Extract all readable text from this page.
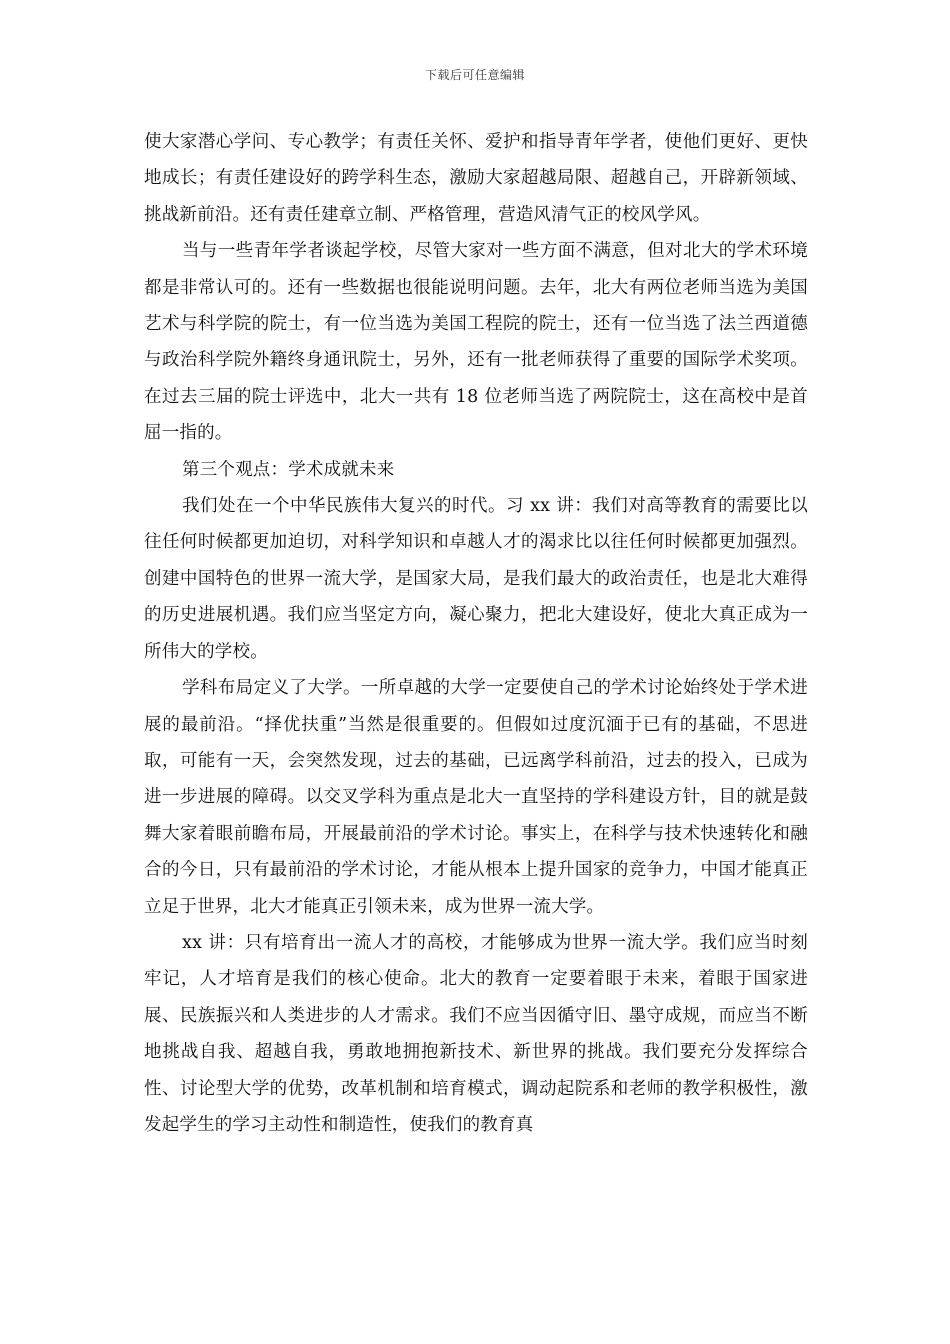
下载后可任意编辑

使大家潜心学问、专心教学；有责任关怀、爱护和指导青年学者，使他们更好、更快地成长；有责任建设好的跨学科生态，激励大家超越局限、超越自己，开辟新领域、挑战新前沿。还有责任建章立制、严格管理，营造风清气正的校风学风。

当与一些青年学者谈起学校，尽管大家对一些方面不满意，但对北大的学术环境都是非常认可的。还有一些数据也很能说明问题。去年，北大有两位老师当选为美国艺术与科学院的院士，有一位当选为美国工程院的院士，还有一位当选了法兰西道德与政治科学院外籍终身通讯院士，另外，还有一批老师获得了重要的国际学术奖项。在过去三届的院士评选中，北大一共有 18 位老师当选了两院院士，这在高校中是首屈一指的。

第三个观点：学术成就未来

我们处在一个中华民族伟大复兴的时代。习 xx 讲：我们对高等教育的需要比以往任何时候都更加迫切，对科学知识和卓越人才的渴求比以往任何时候都更加强烈。创建中国特色的世界一流大学，是国家大局，是我们最大的政治责任，也是北大难得的历史进展机遇。我们应当坚定方向，凝心聚力，把北大建设好，使北大真正成为一所伟大的学校。

学科布局定义了大学。一所卓越的大学一定要使自己的学术讨论始终处于学术进展的最前沿。“择优扶重”当然是很重要的。但假如过度沉湎于已有的基础，不思进取，可能有一天，会突然发现，过去的基础，已远离学科前沿，过去的投入，已成为进一步进展的障碍。以交叉学科为重点是北大一直坚持的学科建设方针，目的就是鼓舞大家着眼前瞻布局，开展最前沿的学术讨论。事实上，在科学与技术快速转化和融合的今日，只有最前沿的学术讨论，才能从根本上提升国家的竞争力，中国才能真正立足于世界，北大才能真正引领未来，成为世界一流大学。

xx 讲：只有培育出一流人才的高校，才能够成为世界一流大学。我们应当时刻牢记，人才培育是我们的核心使命。北大的教育一定要着眼于未来，着眼于国家进展、民族振兴和人类进步的人才需求。我们不应当因循守旧、墨守成规，而应当不断地挑战自我、超越自我，勇敢地拥抱新技术、新世界的挑战。我们要充分发挥综合性、讨论型大学的优势，改革机制和培育模式，调动起院系和老师的教学积极性，激发起学生的学习主动性和制造性，使我们的教育真
